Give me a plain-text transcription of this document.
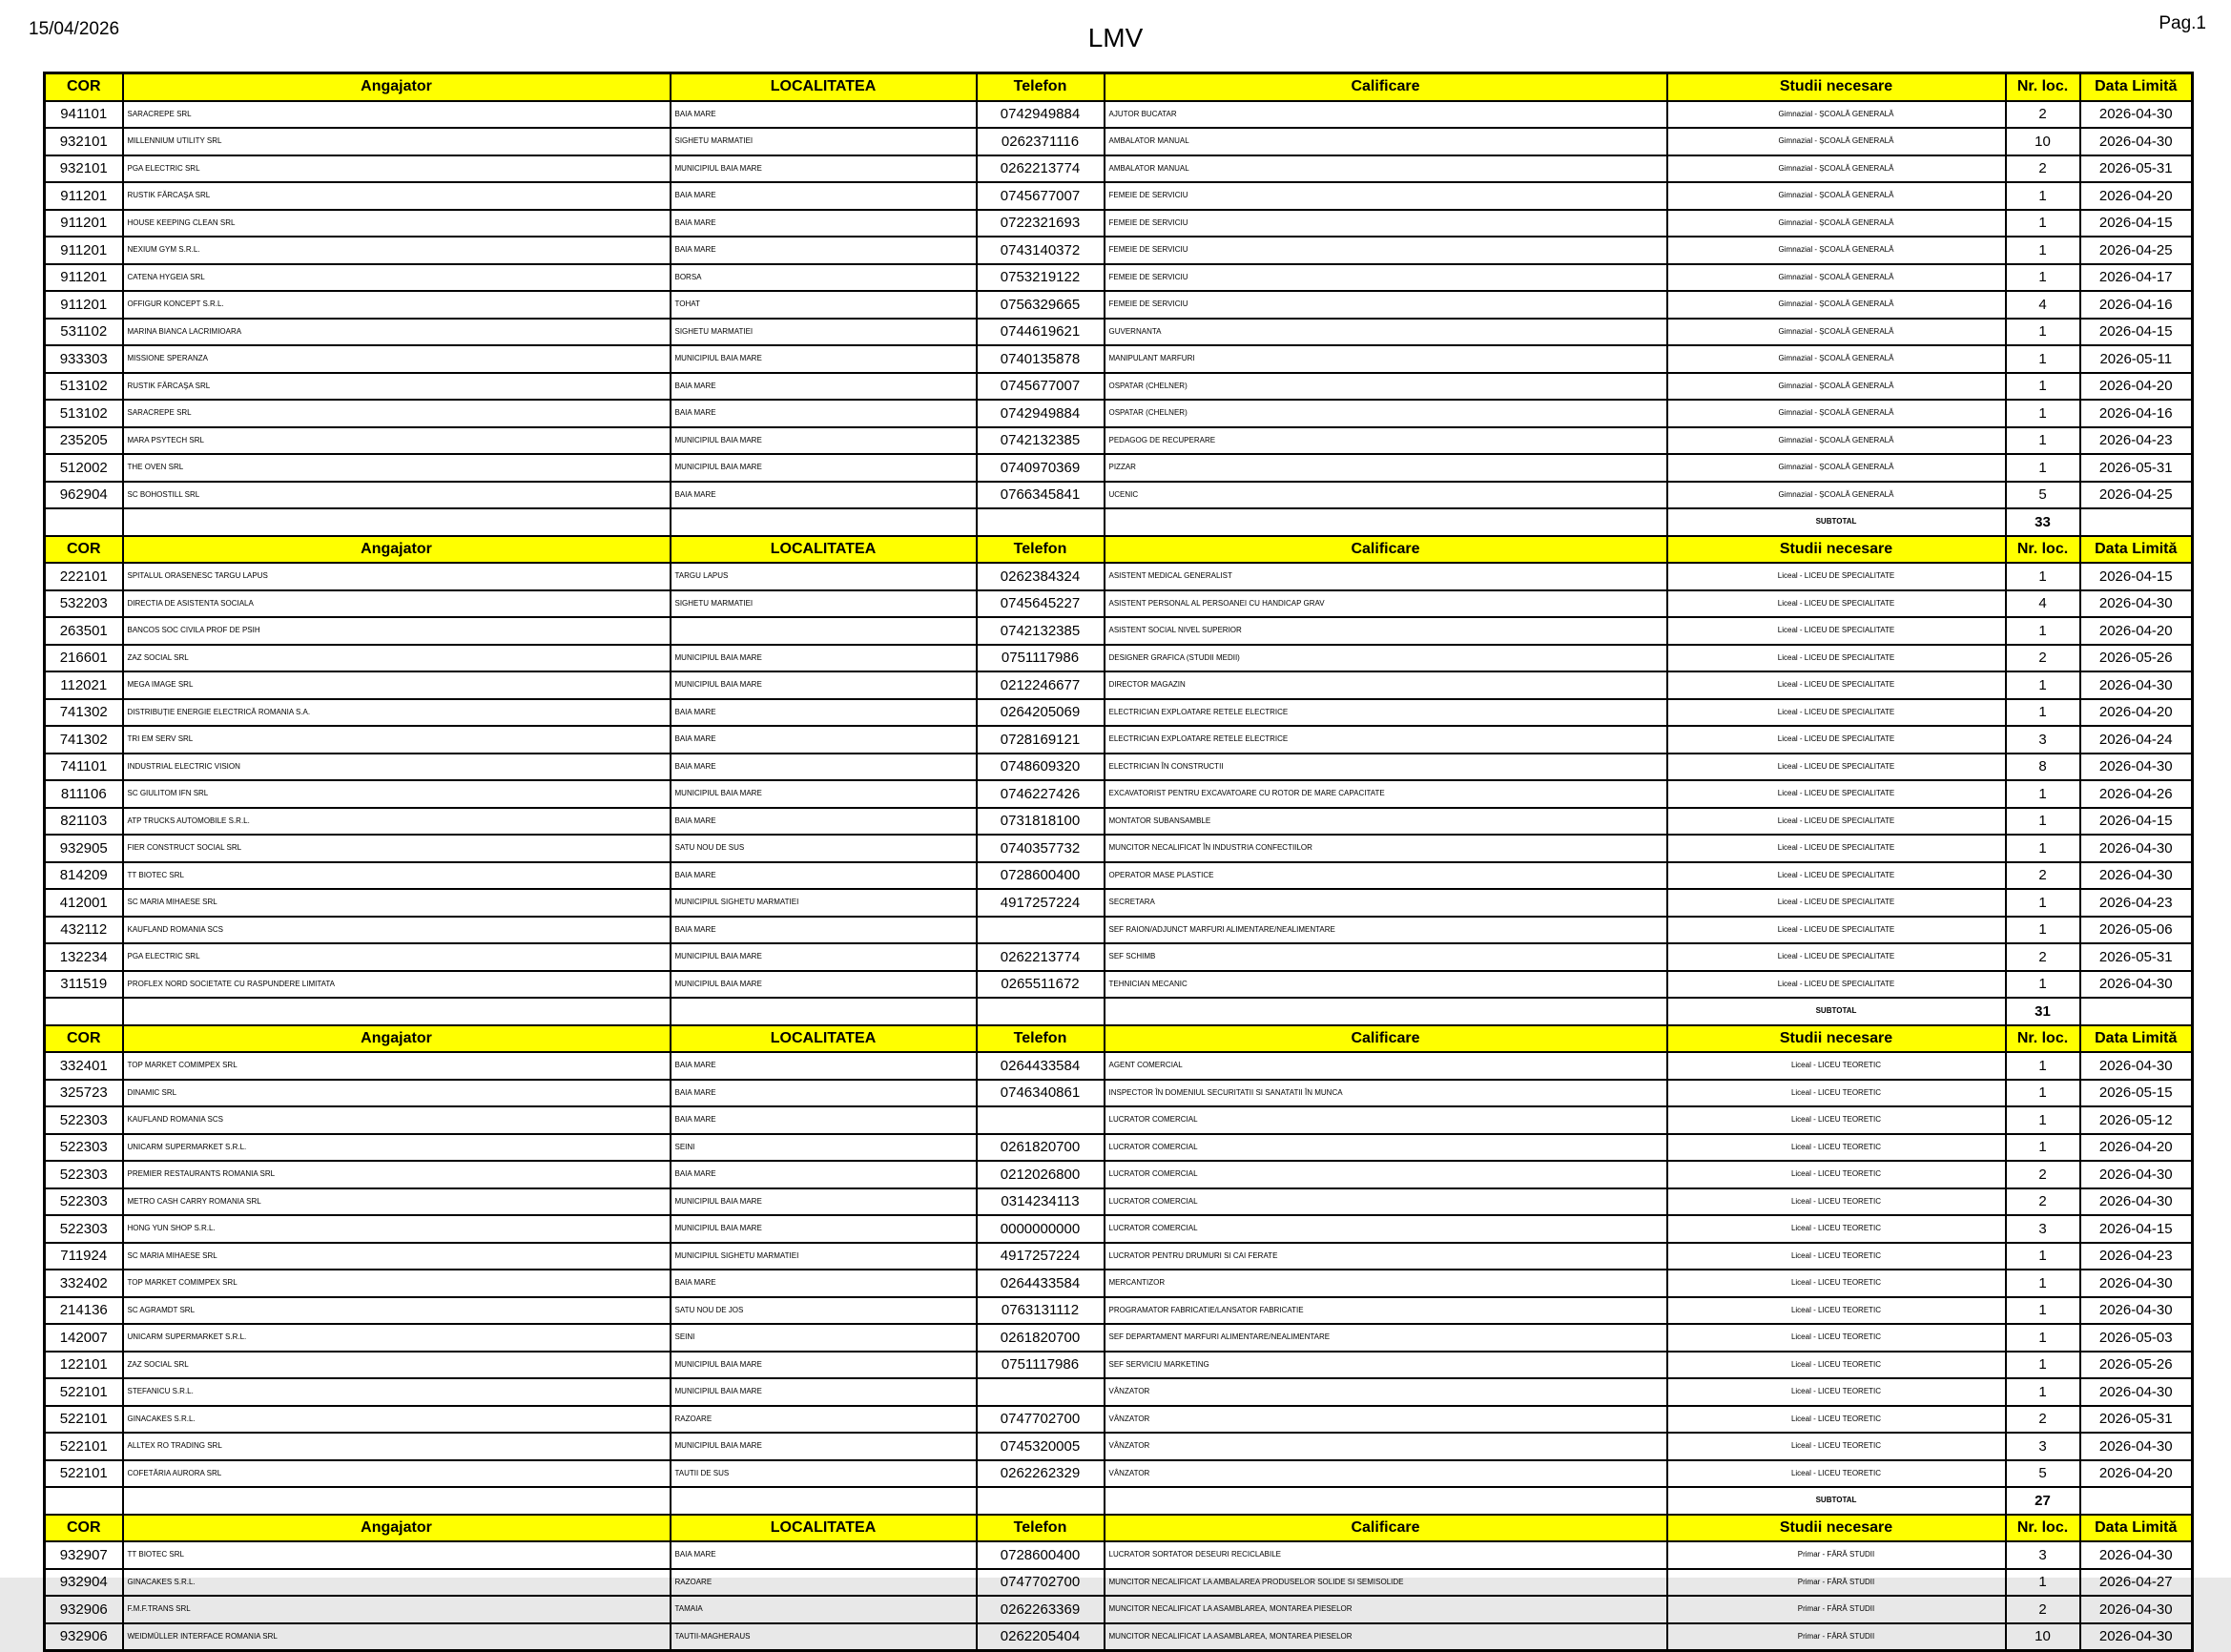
15/04/2026	LMV	Pag.1
COR	Angajator	LOCALITATEA	Telefon	Calificare	Studii necesare	Nr. loc.	Data Limită
941101	SARACREPE SRL	BAIA MARE	0742949884	AJUTOR BUCATAR	Gimnazial - ȘCOALĂ GENERALĂ	2	2026-04-30
932101	MILLENNIUM UTILITY SRL	SIGHETU MARMATIEI	0262371116	AMBALATOR MANUAL	Gimnazial - ȘCOALĂ GENERALĂ	10	2026-04-30
932101	PGA ELECTRIC SRL	MUNICIPIUL BAIA MARE	0262213774	AMBALATOR MANUAL	Gimnazial - ȘCOALĂ GENERALĂ	2	2026-05-31
911201	RUSTIK FĂRCAŞA SRL	BAIA MARE	0745677007	FEMEIE DE SERVICIU	Gimnazial - ȘCOALĂ GENERALĂ	1	2026-04-20
911201	HOUSE KEEPING CLEAN SRL	BAIA MARE	0722321693	FEMEIE DE SERVICIU	Gimnazial - ȘCOALĂ GENERALĂ	1	2026-04-15
911201	NEXIUM GYM S.R.L.	BAIA MARE	0743140372	FEMEIE DE SERVICIU	Gimnazial - ȘCOALĂ GENERALĂ	1	2026-04-25
911201	CATENA HYGEIA SRL	BORSA	0753219122	FEMEIE DE SERVICIU	Gimnazial - ȘCOALĂ GENERALĂ	1	2026-04-17
911201	OFFIGUR KONCEPT S.R.L.	TOHAT	0756329665	FEMEIE DE SERVICIU	Gimnazial - ȘCOALĂ GENERALĂ	4	2026-04-16
531102	MARINA BIANCA LACRIMIOARA	SIGHETU MARMATIEI	0744619621	GUVERNANTA	Gimnazial - ȘCOALĂ GENERALĂ	1	2026-04-15
933303	MISSIONE SPERANZA	MUNICIPIUL BAIA MARE	0740135878	MANIPULANT MARFURI	Gimnazial - ȘCOALĂ GENERALĂ	1	2026-05-11
513102	RUSTIK FĂRCAŞA SRL	BAIA MARE	0745677007	OSPATAR (CHELNER)	Gimnazial - ȘCOALĂ GENERALĂ	1	2026-04-20
513102	SARACREPE SRL	BAIA MARE	0742949884	OSPATAR (CHELNER)	Gimnazial - ȘCOALĂ GENERALĂ	1	2026-04-16
235205	MARA PSYTECH SRL	MUNICIPIUL BAIA MARE	0742132385	PEDAGOG DE RECUPERARE	Gimnazial - ȘCOALĂ GENERALĂ	1	2026-04-23
512002	THE OVEN SRL	MUNICIPIUL BAIA MARE	0740970369	PIZZAR	Gimnazial - ȘCOALĂ GENERALĂ	1	2026-05-31
962904	SC BOHOSTILL SRL	BAIA MARE	0766345841	UCENIC	Gimnazial - ȘCOALĂ GENERALĂ	5	2026-04-25
					SUBTOTAL	33	
COR	Angajator	LOCALITATEA	Telefon	Calificare	Studii necesare	Nr. loc.	Data Limită
222101	SPITALUL ORASENESC TARGU LAPUS	TARGU LAPUS	0262384324	ASISTENT MEDICAL GENERALIST	Liceal - LICEU DE SPECIALITATE	1	2026-04-15
532203	DIRECTIA DE ASISTENTA SOCIALA	SIGHETU MARMATIEI	0745645227	ASISTENT PERSONAL AL PERSOANEI CU HANDICAP GRAV	Liceal - LICEU DE SPECIALITATE	4	2026-04-30
263501	BANCOS SOC CIVILA PROF DE PSIH		0742132385	ASISTENT SOCIAL NIVEL SUPERIOR	Liceal - LICEU DE SPECIALITATE	1	2026-04-20
216601	ZAZ SOCIAL SRL	MUNICIPIUL BAIA MARE	0751117986	DESIGNER GRAFICA (STUDII MEDII)	Liceal - LICEU DE SPECIALITATE	2	2026-05-26
112021	MEGA IMAGE SRL	MUNICIPIUL BAIA MARE	0212246677	DIRECTOR MAGAZIN	Liceal - LICEU DE SPECIALITATE	1	2026-04-30
741302	DISTRIBUȚIE ENERGIE ELECTRICĂ ROMANIA S.A.	BAIA MARE	0264205069	ELECTRICIAN EXPLOATARE RETELE ELECTRICE	Liceal - LICEU DE SPECIALITATE	1	2026-04-20
741302	TRI EM SERV SRL	BAIA MARE	0728169121	ELECTRICIAN EXPLOATARE RETELE ELECTRICE	Liceal - LICEU DE SPECIALITATE	3	2026-04-24
741101	INDUSTRIAL ELECTRIC VISION	BAIA MARE	0748609320	ELECTRICIAN ÎN CONSTRUCTII	Liceal - LICEU DE SPECIALITATE	8	2026-04-30
811106	SC GIULITOM IFN SRL	MUNICIPIUL BAIA MARE	0746227426	EXCAVATORIST PENTRU EXCAVATOARE CU ROTOR DE MARE CAPACITATE	Liceal - LICEU DE SPECIALITATE	1	2026-04-26
821103	ATP TRUCKS AUTOMOBILE S.R.L.	BAIA MARE	0731818100	MONTATOR SUBANSAMBLE	Liceal - LICEU DE SPECIALITATE	1	2026-04-15
932905	FIER CONSTRUCT SOCIAL SRL	SATU NOU DE SUS	0740357732	MUNCITOR NECALIFICAT ÎN INDUSTRIA CONFECTIILOR	Liceal - LICEU DE SPECIALITATE	1	2026-04-30
814209	TT BIOTEC SRL	BAIA MARE	0728600400	OPERATOR MASE PLASTICE	Liceal - LICEU DE SPECIALITATE	2	2026-04-30
412001	SC MARIA MIHAESE SRL	MUNICIPIUL SIGHETU MARMATIEI	4917257224	SECRETARA	Liceal - LICEU DE SPECIALITATE	1	2026-04-23
432112	KAUFLAND ROMANIA SCS	BAIA MARE		SEF RAION/ADJUNCT MARFURI ALIMENTARE/NEALIMENTARE	Liceal - LICEU DE SPECIALITATE	1	2026-05-06
132234	PGA ELECTRIC SRL	MUNICIPIUL BAIA MARE	0262213774	SEF SCHIMB	Liceal - LICEU DE SPECIALITATE	2	2026-05-31
311519	PROFLEX NORD SOCIETATE CU RASPUNDERE LIMITATA	MUNICIPIUL BAIA MARE	0265511672	TEHNICIAN MECANIC	Liceal - LICEU DE SPECIALITATE	1	2026-04-30
					SUBTOTAL	31	
COR	Angajator	LOCALITATEA	Telefon	Calificare	Studii necesare	Nr. loc.	Data Limită
332401	TOP MARKET COMIMPEX SRL	BAIA MARE	0264433584	AGENT COMERCIAL	Liceal - LICEU TEORETIC	1	2026-04-30
325723	DINAMIC SRL	BAIA MARE	0746340861	INSPECTOR ÎN DOMENIUL SECURITATII SI SANATATII ÎN MUNCA	Liceal - LICEU TEORETIC	1	2026-05-15
522303	KAUFLAND ROMANIA SCS	BAIA MARE		LUCRATOR COMERCIAL	Liceal - LICEU TEORETIC	1	2026-05-12
522303	UNICARM SUPERMARKET S.R.L.	SEINI	0261820700	LUCRATOR COMERCIAL	Liceal - LICEU TEORETIC	1	2026-04-20
522303	PREMIER RESTAURANTS ROMANIA SRL	BAIA MARE	0212026800	LUCRATOR COMERCIAL	Liceal - LICEU TEORETIC	2	2026-04-30
522303	METRO CASH CARRY ROMANIA SRL	MUNICIPIUL BAIA MARE	0314234113	LUCRATOR COMERCIAL	Liceal - LICEU TEORETIC	2	2026-04-30
522303	HONG YUN SHOP S.R.L.	MUNICIPIUL BAIA MARE	0000000000	LUCRATOR COMERCIAL	Liceal - LICEU TEORETIC	3	2026-04-15
711924	SC MARIA MIHAESE SRL	MUNICIPIUL SIGHETU MARMATIEI	4917257224	LUCRATOR PENTRU DRUMURI SI CAI FERATE	Liceal - LICEU TEORETIC	1	2026-04-23
332402	TOP MARKET COMIMPEX SRL	BAIA MARE	0264433584	MERCANTIZOR	Liceal - LICEU TEORETIC	1	2026-04-30
214136	SC AGRAMDT SRL	SATU NOU DE JOS	0763131112	PROGRAMATOR FABRICATIE/LANSATOR FABRICATIE	Liceal - LICEU TEORETIC	1	2026-04-30
142007	UNICARM SUPERMARKET S.R.L.	SEINI	0261820700	SEF DEPARTAMENT MARFURI ALIMENTARE/NEALIMENTARE	Liceal - LICEU TEORETIC	1	2026-05-03
122101	ZAZ SOCIAL SRL	MUNICIPIUL BAIA MARE	0751117986	SEF SERVICIU MARKETING	Liceal - LICEU TEORETIC	1	2026-05-26
522101	STEFANICU S.R.L.	MUNICIPIUL BAIA MARE		VÂNZATOR	Liceal - LICEU TEORETIC	1	2026-04-30
522101	GINACAKES S.R.L.	RAZOARE	0747702700	VÂNZATOR	Liceal - LICEU TEORETIC	2	2026-05-31
522101	ALLTEX RO TRADING SRL	MUNICIPIUL BAIA MARE	0745320005	VÂNZATOR	Liceal - LICEU TEORETIC	3	2026-04-30
522101	COFETĂRIA AURORA SRL	TAUTII DE SUS	0262262329	VÂNZATOR	Liceal - LICEU TEORETIC	5	2026-04-20
					SUBTOTAL	27	
COR	Angajator	LOCALITATEA	Telefon	Calificare	Studii necesare	Nr. loc.	Data Limită
932907	TT BIOTEC SRL	BAIA MARE	0728600400	LUCRATOR SORTATOR DESEURI RECICLABILE	Primar - FĂRĂ STUDII	3	2026-04-30
932904	GINACAKES S.R.L.	RAZOARE	0747702700	MUNCITOR NECALIFICAT LA AMBALAREA PRODUSELOR SOLIDE SI SEMISOLIDE	Primar - FĂRĂ STUDII	1	2026-04-27
932906	F.M.F.TRANS SRL	TAMAIA	0262263369	MUNCITOR NECALIFICAT LA ASAMBLAREA, MONTAREA PIESELOR	Primar - FĂRĂ STUDII	2	2026-04-30
932906	WEIDMÜLLER INTERFACE ROMANIA SRL	TAUTII-MAGHERAUS	0262205404	MUNCITOR NECALIFICAT LA ASAMBLAREA, MONTAREA PIESELOR	Primar - FĂRĂ STUDII	10	2026-04-30
